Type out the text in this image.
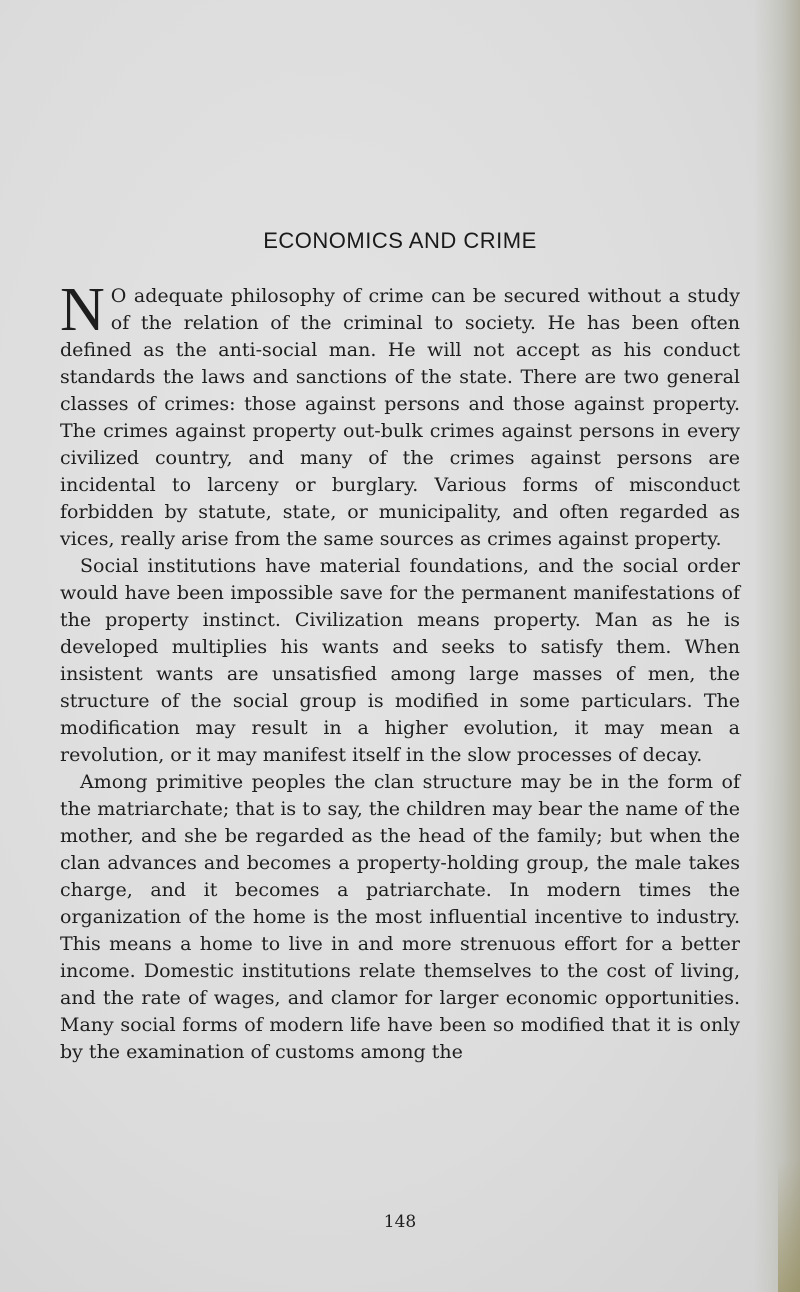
ECONOMICS AND CRIME

N O adequate philosophy of crime can be secured without a study of the relation of the criminal to society. He has been often defined as the anti-social man. He will not accept as his conduct standards the laws and sanctions of the state. There are two general classes of crimes: those against persons and those against property. The crimes against property out-bulk crimes against persons in every civilized country, and many of the crimes against persons are incidental to larceny or burglary. Various forms of misconduct forbidden by statute, state, or municipality, and often regarded as vices, really arise from the same sources as crimes against property.

Social institutions have material foundations, and the social order would have been impossible save for the permanent manifestations of the property instinct. Civilization means property. Man as he is developed multiplies his wants and seeks to satisfy them. When insistent wants are unsatisfied among large masses of men, the structure of the social group is modified in some particulars. The modification may result in a higher evolution, it may mean a revolution, or it may manifest itself in the slow processes of decay.

Among primitive peoples the clan structure may be in the form of the matriarchate; that is to say, the children may bear the name of the mother, and she be regarded as the head of the family; but when the clan advances and becomes a property-holding group, the male takes charge, and it becomes a patriarchate. In modern times the organization of the home is the most influential incentive to industry. This means a home to live in and more strenuous effort for a better income. Domestic institutions relate themselves to the cost of living, and the rate of wages, and clamor for larger economic opportunities. Many social forms of modern life have been so modified that it is only by the examination of customs among the

148
